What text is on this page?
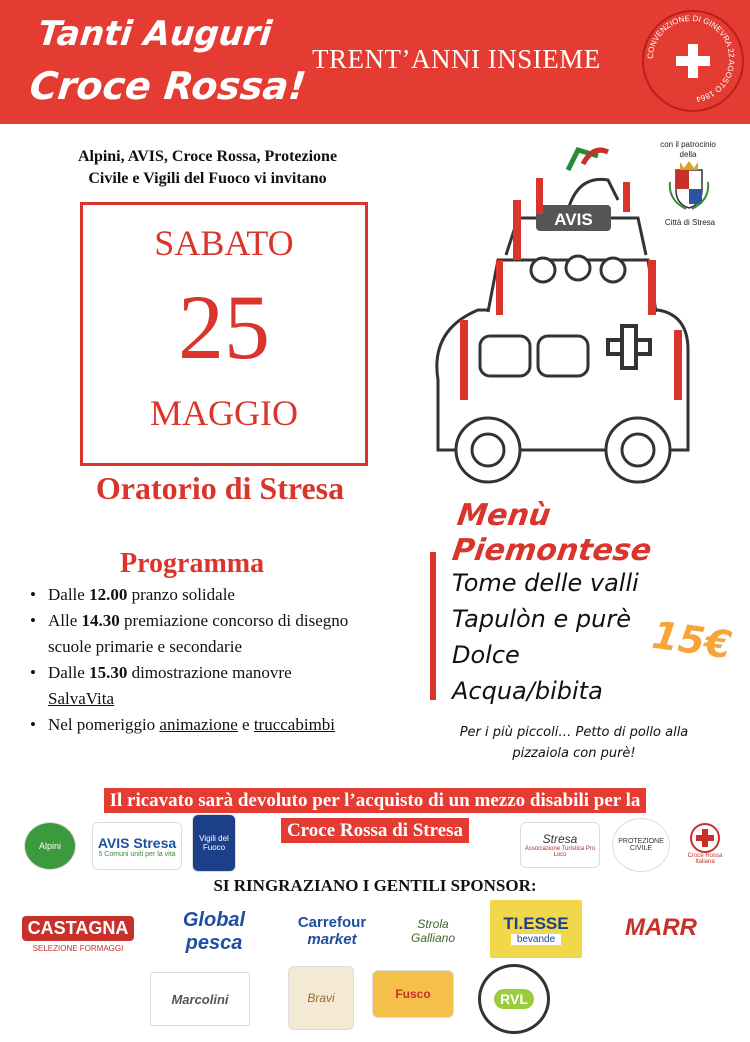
Tanti Auguri
Croce Rossa!
TRENT’ANNI INSIEME	CONVENZIONE DI GINEVRA 22 AGOSTO 1864
Alpini, AVIS, Croce Rossa, Protezione
Civile e Vigili del Fuoco vi invitano
SABATO
25
MAGGIO
Oratorio di Stresa
con il patrocinio
della
Città di Stresa
AVIS
Menù Piemontese
Tome delle valli
Tapulòn e purè
Dolce
Acqua/bibita
15€
Per i più piccoli… Petto di pollo alla
pizzaiola con purè!
Programma
• Dalle 12.00 pranzo solidale
• Alle 14.30 premiazione concorso di disegno
scuole primarie e secondarie
• Dalle 15.30 dimostrazione manovre
SalvaVita
• Nel pomeriggio animazione e truccabimbi
Il ricavato sarà devoluto per l’acquisto di un mezzo disabili per la
Croce Rossa di Stresa
Alpini	AVIS Stresa
5 Comuni uniti per la vita
Vigili del Fuoco
Stresa
Associazione Turistica Pro Loco
PROTEZIONE CIVILE
Croce Rossa Italiana
SI RINGRAZIANO I GENTILI SPONSOR:
CASTAGNA
SELEZIONE FORMAGGI
Global pesca
Carrefour
market
Strola Galliano
TI.ESSE
bevande	MARR
Marcolini	Bravi	Fusco	RVL
